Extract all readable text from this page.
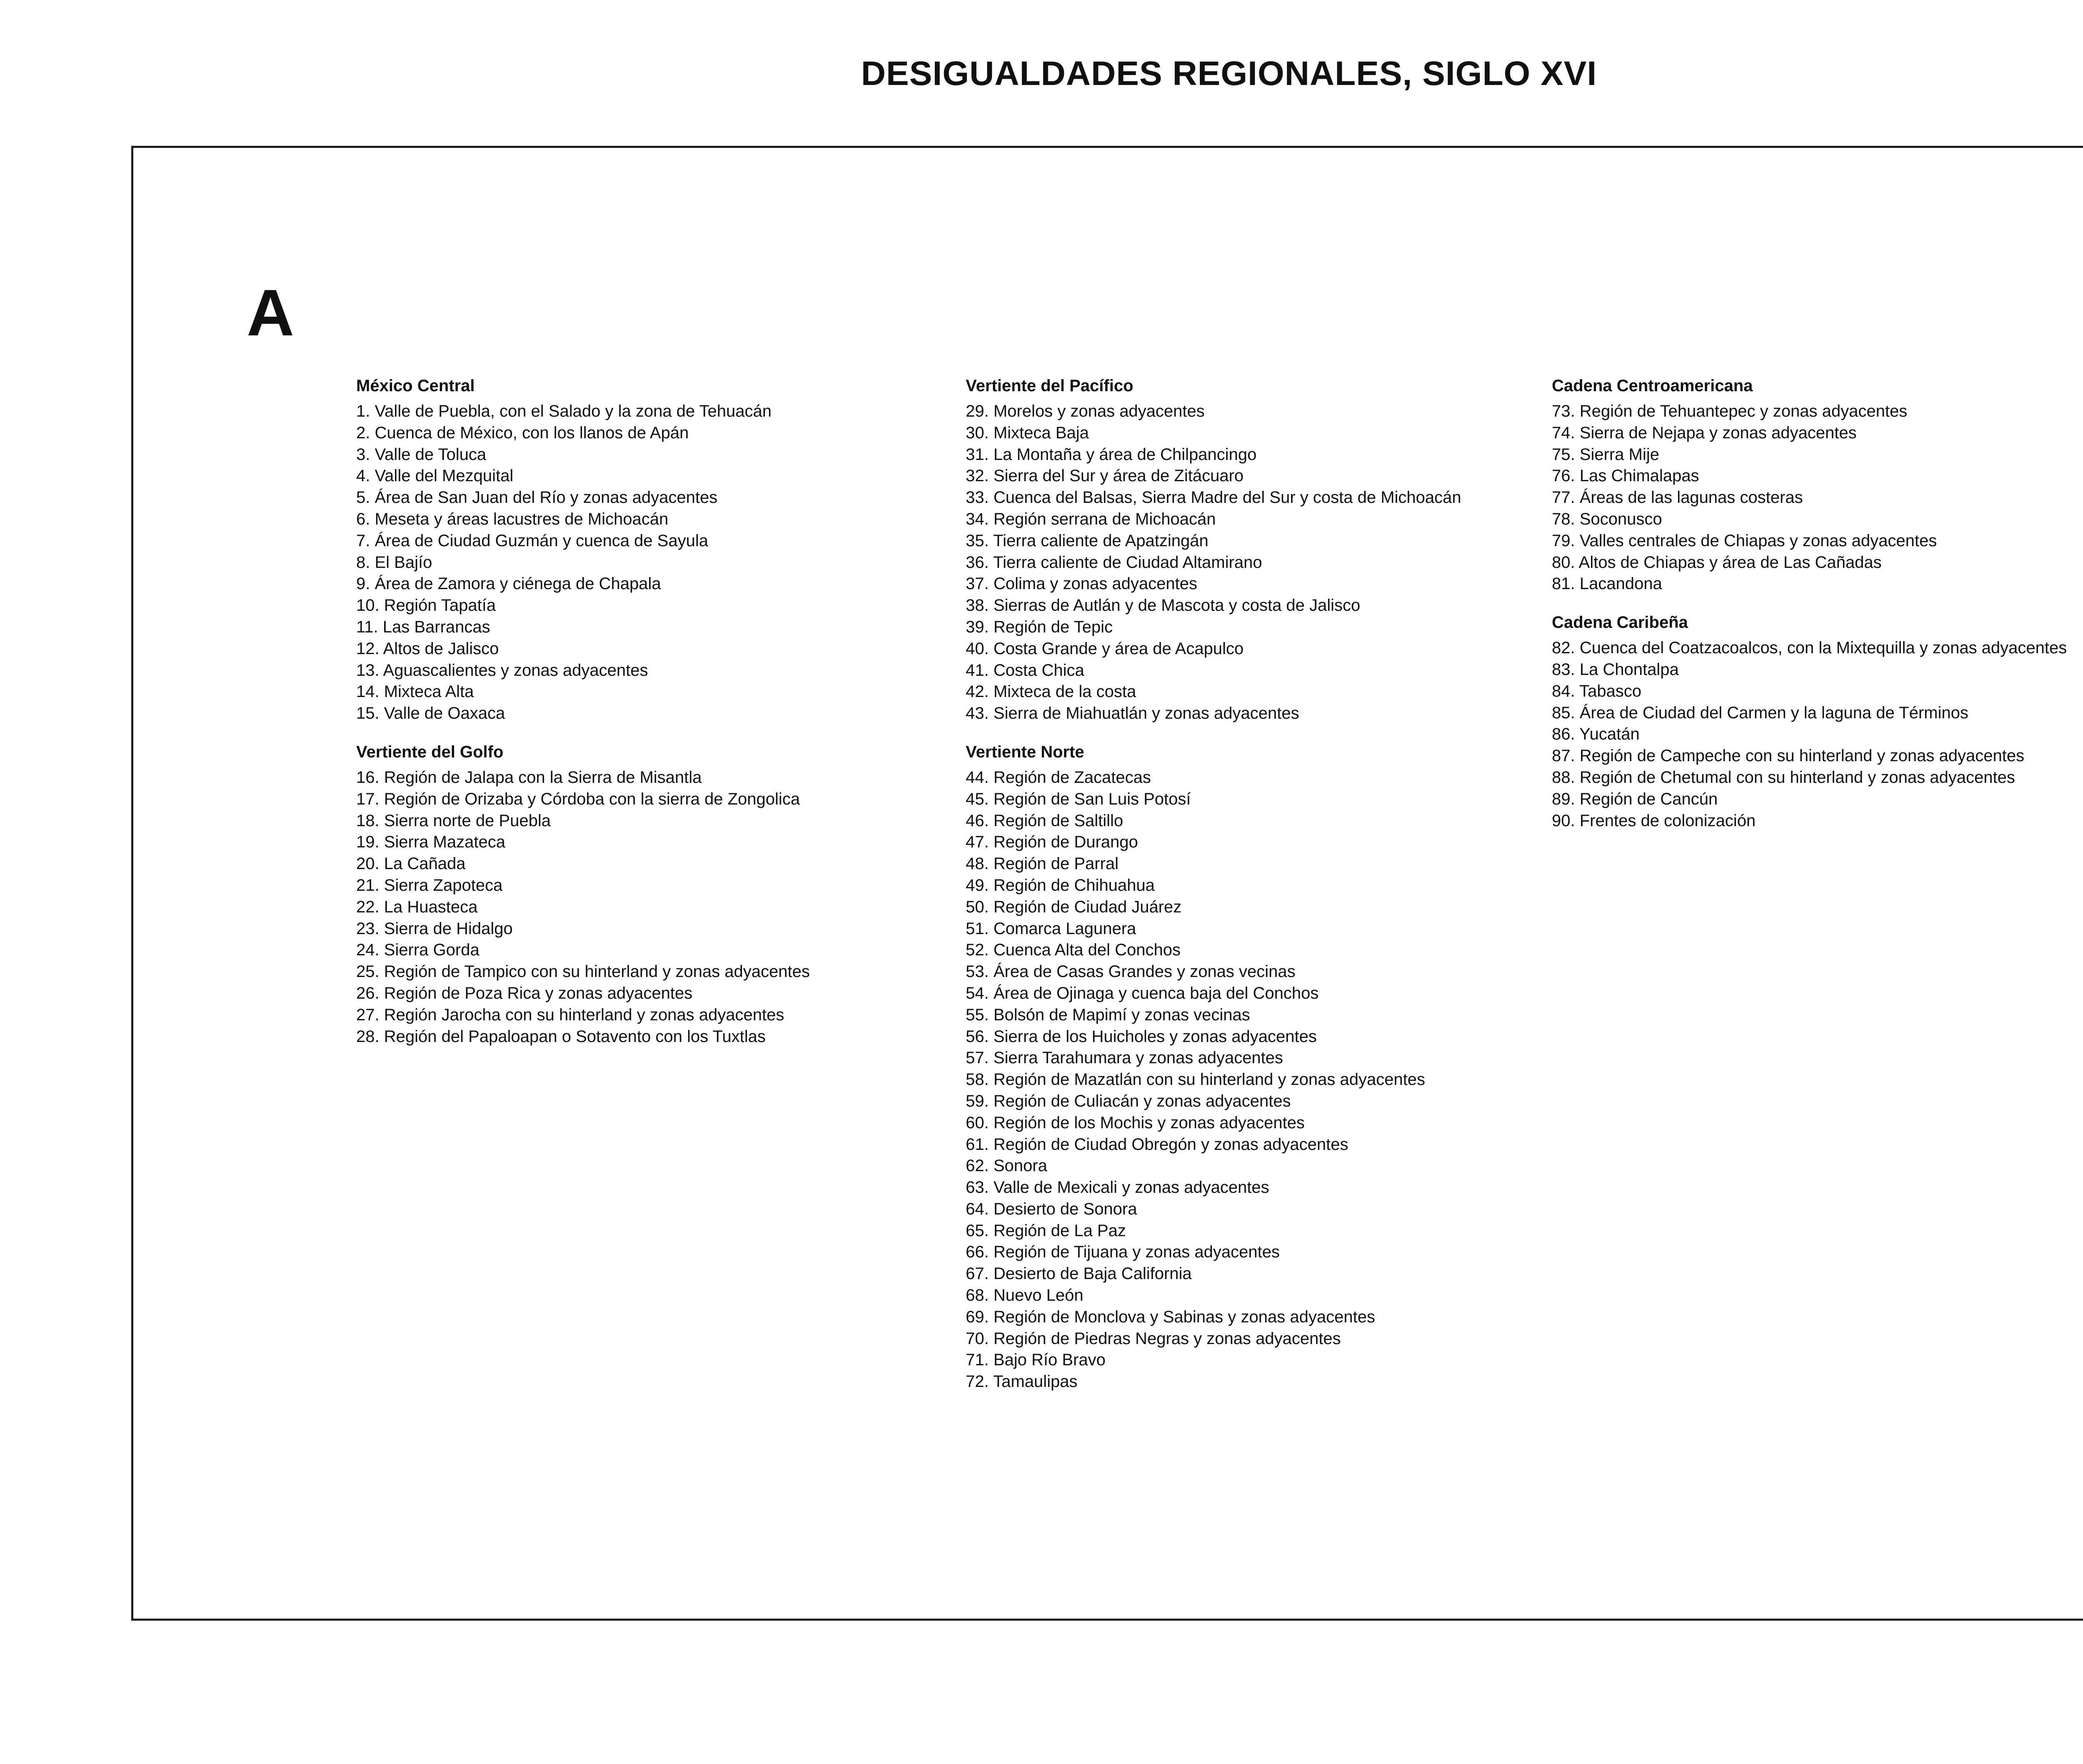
DESIGUALDADES REGIONALES, SIGLO XVI
A
México Central
1. Valle de Puebla, con el Salado y la zona de Tehuacán
2. Cuenca de México, con los llanos de Apán
3. Valle de Toluca
4. Valle del Mezquital
5. Área de San Juan del Río y zonas adyacentes
6. Meseta y áreas lacustres de Michoacán
7. Área de Ciudad Guzmán y cuenca de Sayula
8. El Bajío
9. Área de Zamora y ciénega de Chapala
10. Región Tapatía
11. Las Barrancas
12. Altos de Jalisco
13. Aguascalientes y zonas adyacentes
14. Mixteca Alta
15. Valle de Oaxaca
Vertiente del Golfo
16. Región de Jalapa con la Sierra de Misantla
17. Región de Orizaba y Córdoba con la sierra de Zongolica
18. Sierra norte de Puebla
19. Sierra Mazateca
20. La Cañada
21. Sierra Zapoteca
22. La Huasteca
23. Sierra de Hidalgo
24. Sierra Gorda
25. Región de Tampico con su hinterland y zonas adyacentes
26. Región de Poza Rica y zonas adyacentes
27. Región Jarocha con su hinterland y zonas adyacentes
28. Región del Papaloapan o Sotavento con los Tuxtlas
Vertiente del Pacífico
29. Morelos y zonas adyacentes
30. Mixteca Baja
31. La Montaña y área de Chilpancingo
32. Sierra del Sur y área de Zitácuaro
33. Cuenca del Balsas, Sierra Madre del Sur y costa de Michoacán
34. Región serrana de Michoacán
35. Tierra caliente de Apatzingán
36. Tierra caliente de Ciudad Altamirano
37. Colima y zonas adyacentes
38. Sierras de Autlán y de Mascota y costa de Jalisco
39. Región de Tepic
40. Costa Grande y área de Acapulco
41. Costa Chica
42. Mixteca de la costa
43. Sierra de Miahuatlán y zonas adyacentes
Vertiente Norte
44. Región de Zacatecas
45. Región de San Luis Potosí
46. Región de Saltillo
47. Región de Durango
48. Región de Parral
49. Región de Chihuahua
50. Región de Ciudad Juárez
51. Comarca Lagunera
52. Cuenca Alta del Conchos
53. Área de Casas Grandes y zonas vecinas
54. Área de Ojinaga y cuenca baja del Conchos
55. Bolsón de Mapimí y zonas vecinas
56. Sierra de los Huicholes y zonas adyacentes
57. Sierra Tarahumara y zonas adyacentes
58. Región de Mazatlán con su hinterland y zonas adyacentes
59. Región de Culiacán y zonas adyacentes
60. Región de los Mochis y zonas adyacentes
61. Región de Ciudad Obregón y zonas adyacentes
62. Sonora
63. Valle de Mexicali y zonas adyacentes
64. Desierto de Sonora
65. Región de La Paz
66. Región de Tijuana y zonas adyacentes
67. Desierto de Baja California
68. Nuevo León
69. Región de Monclova y Sabinas y zonas adyacentes
70. Región de Piedras Negras y zonas adyacentes
71. Bajo Río Bravo
72. Tamaulipas
Cadena Centroamericana
73. Región de Tehuantepec y zonas adyacentes
74. Sierra de Nejapa y zonas adyacentes
75. Sierra Mije
76. Las Chimalapas
77. Áreas de las lagunas costeras
78. Soconusco
79. Valles centrales de Chiapas y zonas adyacentes
80. Altos de Chiapas y área de Las Cañadas
81. Lacandona
Cadena Caribeña
82. Cuenca del Coatzacoalcos, con la Mixtequilla y zonas adyacentes
83. La Chontalpa
84. Tabasco
85. Área de Ciudad del Carmen y la laguna de Términos
86. Yucatán
87. Región de Campeche con su hinterland y zonas adyacentes
88. Región de Chetumal con su hinterland y zonas adyacentes
89. Región de Cancún
90. Frentes de colonización
